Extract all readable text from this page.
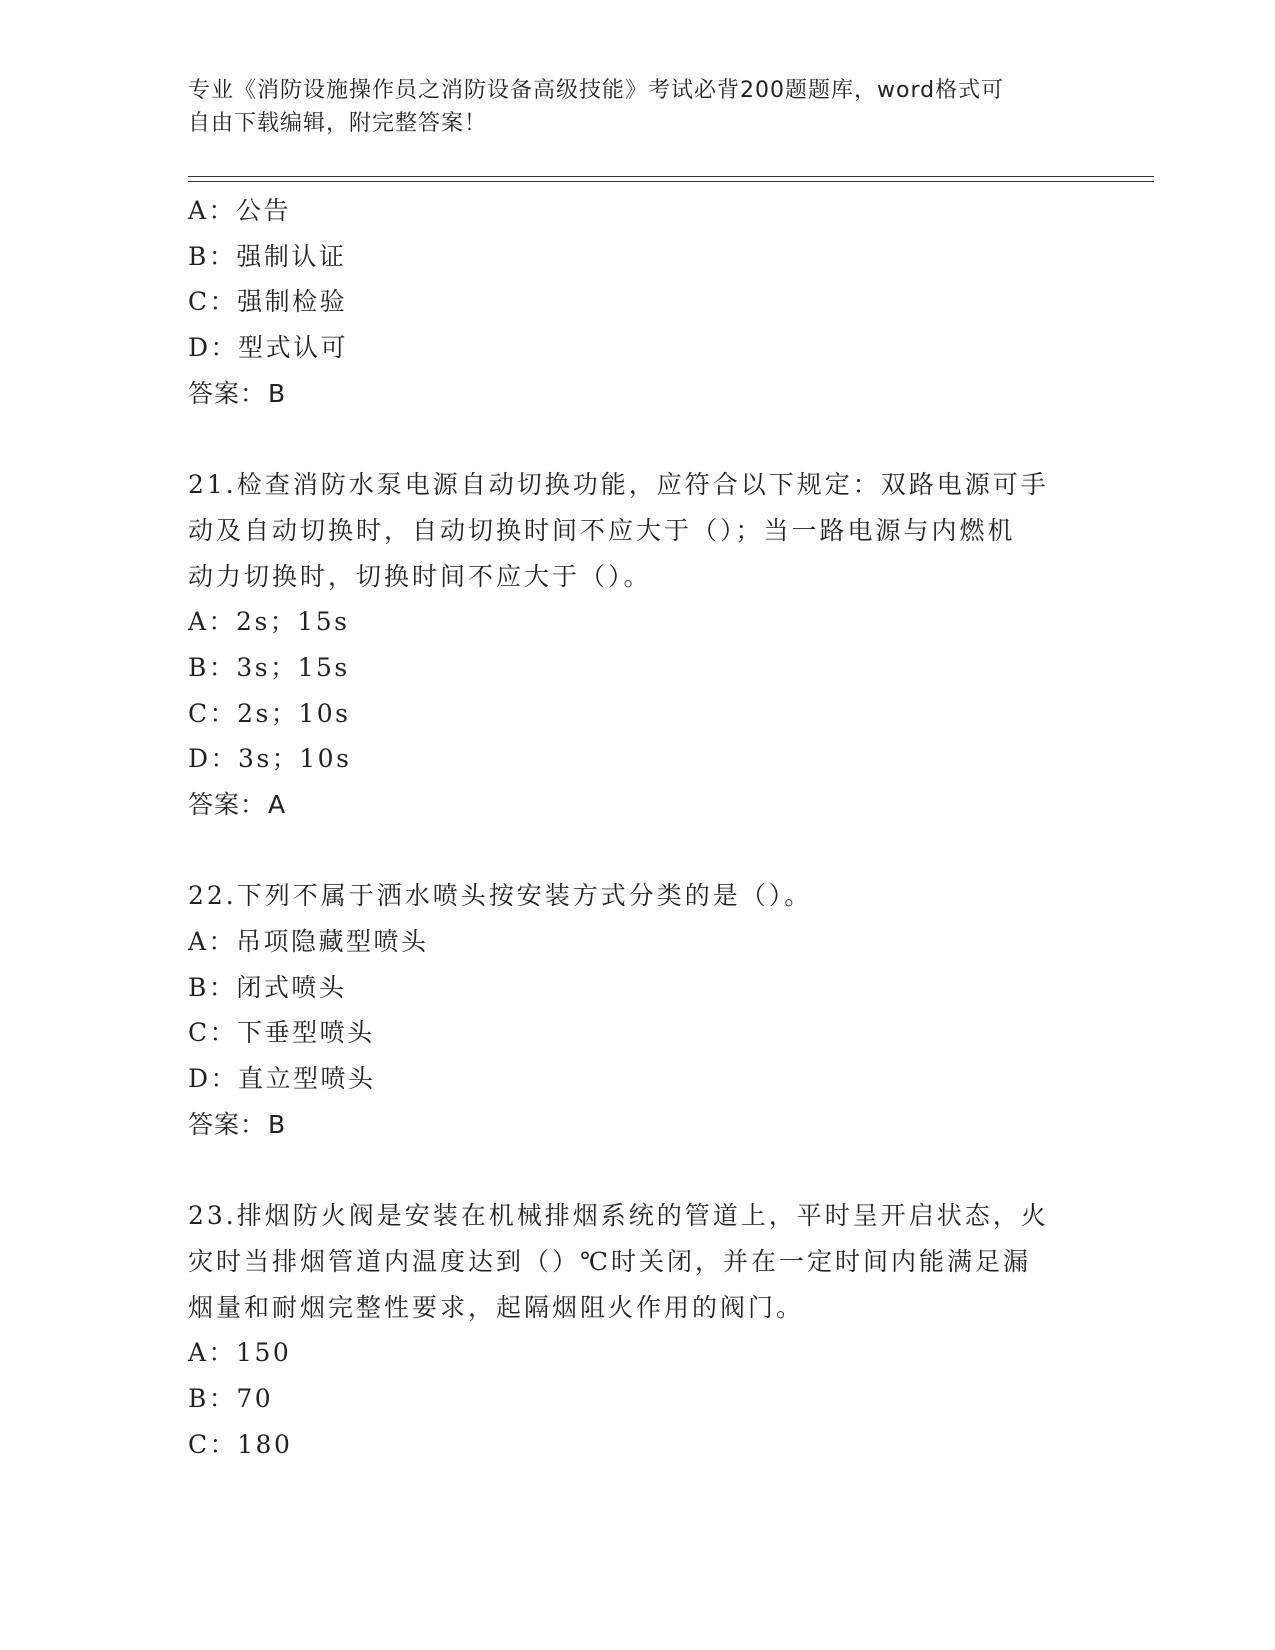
专业《消防设施操作员之消防设备高级技能》考试必背200题题库，word格式可
自由下载编辑，附完整答案！
A：公告
B：强制认证
C：强制检验
D：型式认可
答案：B
21.检查消防水泵电源自动切换功能，应符合以下规定：双路电源可手
动及自动切换时，自动切换时间不应大于（）；当一路电源与内燃机
动力切换时，切换时间不应大于（）。
A：2s；15s
B：3s；15s
C：2s；10s
D：3s；10s
答案：A
22.下列不属于洒水喷头按安装方式分类的是（）。
A：吊项隐藏型喷头
B：闭式喷头
C：下垂型喷头
D：直立型喷头
答案：B
23.排烟防火阀是安装在机械排烟系统的管道上，平时呈开启状态，火
灾时当排烟管道内温度达到（）℃时关闭，并在一定时间内能满足漏
烟量和耐烟完整性要求，起隔烟阻火作用的阀门。
A：150
B：70
C：180
